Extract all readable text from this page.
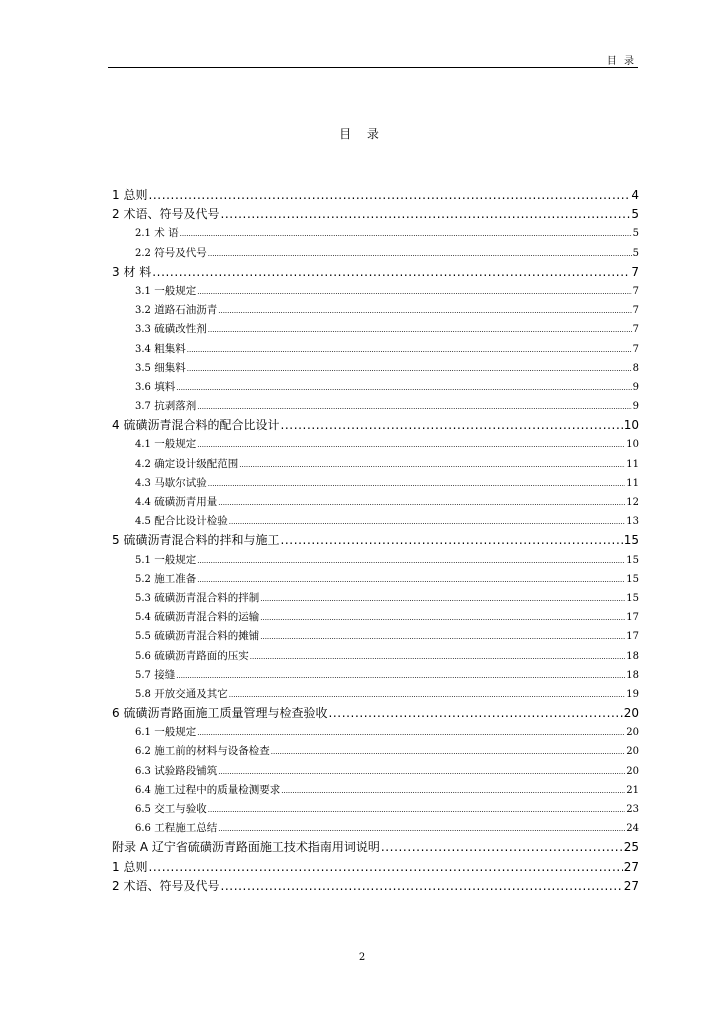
目 录
目 录
1 总则 .....	4
2 术语、符号及代号 .....	5
2.1 术 语 .....	5
2.2 符号及代号 .....	5
3 材 料 .....	7
3.1 一般规定 .....	7
3.2 道路石油沥青 .....	7
3.3 硫磺改性剂 .....	7
3.4 粗集料 .....	7
3.5 细集料 .....	8
3.6 填料 .....	9
3.7 抗剥落剂 .....	9
4 硫磺沥青混合料的配合比设计 .....	10
4.1 一般规定 .....	10
4.2 确定设计级配范围 .....	11
4.3 马歇尔试验 .....	11
4.4 硫磺沥青用量 .....	12
4.5 配合比设计检验 .....	13
5 硫磺沥青混合料的拌和与施工 .....	15
5.1 一般规定 .....	15
5.2 施工准备 .....	15
5.3 硫磺沥青混合料的拌制 .....	15
5.4 硫磺沥青混合料的运输 .....	17
5.5 硫磺沥青混合料的摊铺 .....	17
5.6 硫磺沥青路面的压实 .....	18
5.7 接缝 .....	18
5.8 开放交通及其它 .....	19
6 硫磺沥青路面施工质量管理与检查验收 .....	20
6.1 一般规定 .....	20
6.2 施工前的材料与设备检查 .....	20
6.3 试验路段铺筑 .....	20
6.4 施工过程中的质量检测要求 .....	21
6.5 交工与验收 .....	23
6.6 工程施工总结 .....	24
附录 A 辽宁省硫磺沥青路面施工技术指南用词说明 .....	25
1 总则 .....	27
2 术语、符号及代号 .....	27
2
